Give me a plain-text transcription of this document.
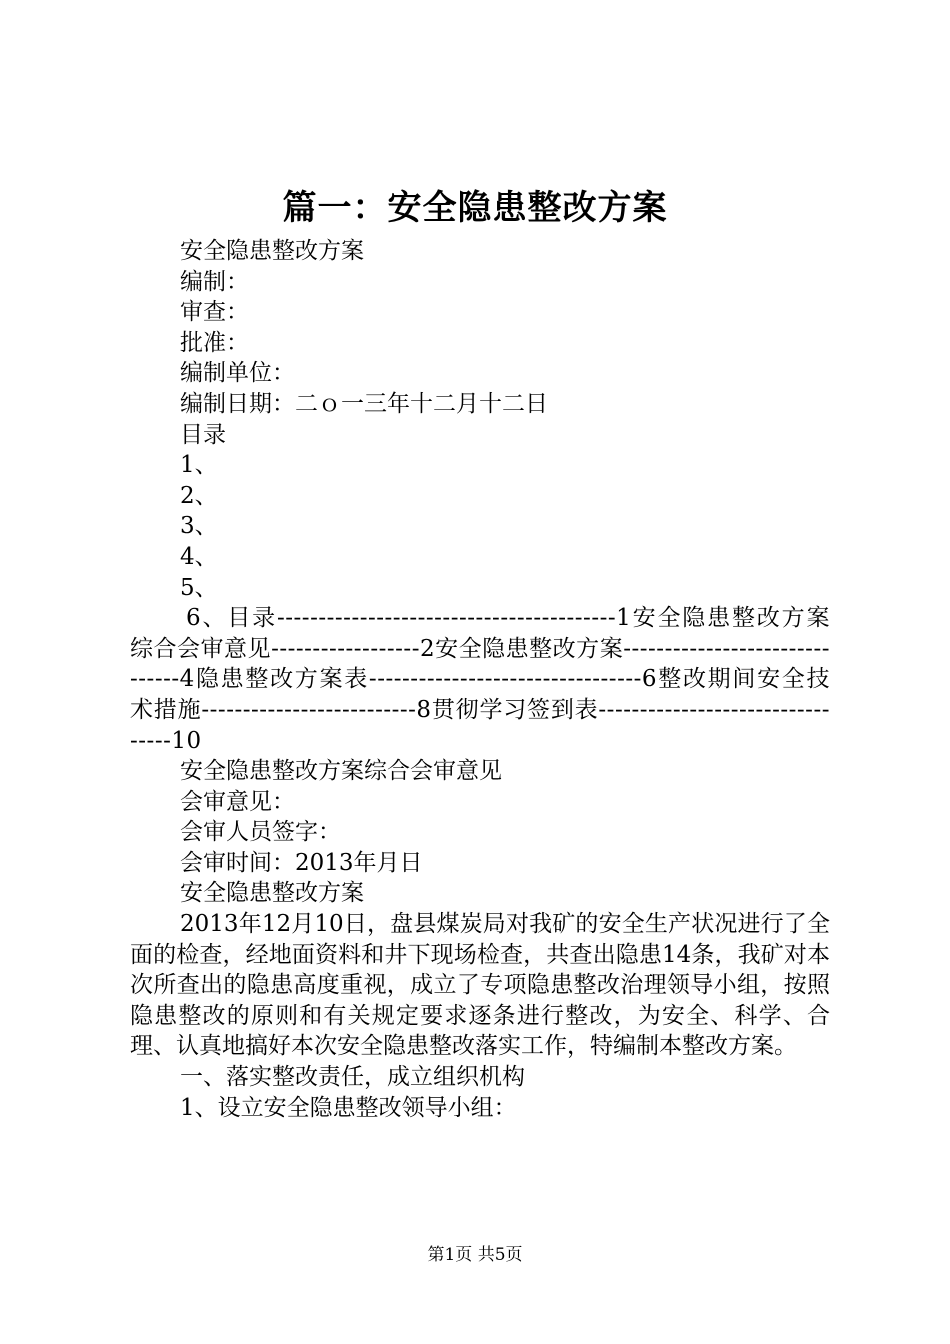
篇一：安全隐患整改方案

安全隐患整改方案

编制：

审查：

批准：

编制单位：

编制日期：二ｏ一三年十二月十二日

目录

1、

2、

3、

4、

5、

6、目录-----------------------------------------1安全隐患整改方案综合会审意见------------------2安全隐患整改方案-------------------------------4隐患整改方案表---------------------------------6整改期间安全技术措施--------------------------8贯彻学习签到表---------------------------------10

安全隐患整改方案综合会审意见

会审意见：

会审人员签字：

会审时间：2013年月日

安全隐患整改方案

2013年12月10日，盘县煤炭局对我矿的安全生产状况进行了全面的检查，经地面资料和井下现场检查，共查出隐患14条，我矿对本次所查出的隐患高度重视，成立了专项隐患整改治理领导小组，按照隐患整改的原则和有关规定要求逐条进行整改，为安全、科学、合理、认真地搞好本次安全隐患整改落实工作，特编制本整改方案。

一、落实整改责任，成立组织机构

1、设立安全隐患整改领导小组：

第1页 共5页
